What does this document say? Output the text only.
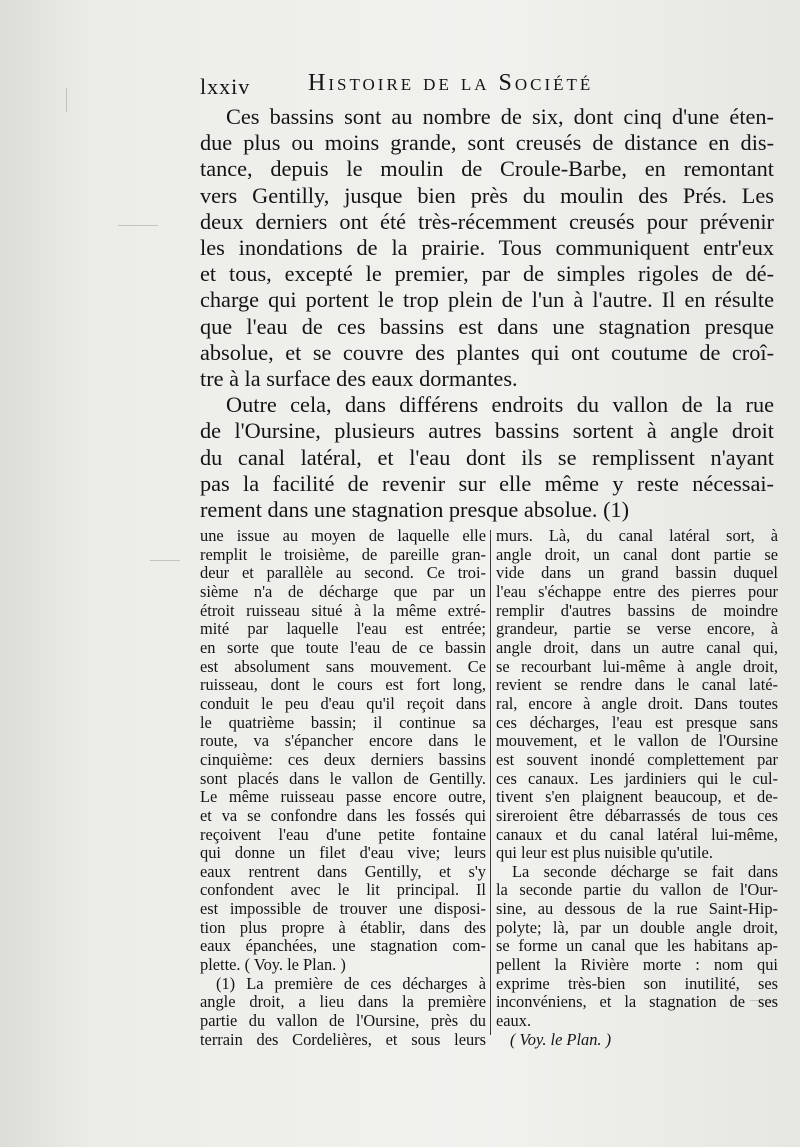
lxxiv Histoire de la Société
Ces bassins sont au nombre de six, dont cinq d'une éten-
due plus ou moins grande, sont creusés de distance en dis-
tance, depuis le moulin de Croule-Barbe, en remontant
vers Gentilly, jusque bien près du moulin des Prés. Les
deux derniers ont été très-récemment creusés pour prévenir
les inondations de la prairie. Tous communiquent entr'eux
et tous, excepté le premier, par de simples rigoles de dé-
charge qui portent le trop plein de l'un à l'autre. Il en résulte
que l'eau de ces bassins est dans une stagnation presque
absolue, et se couvre des plantes qui ont coutume de croî-
tre à la surface des eaux dormantes.
Outre cela, dans différens endroits du vallon de la rue
de l'Oursine, plusieurs autres bassins sortent à angle droit
du canal latéral, et l'eau dont ils se remplissent n'ayant
pas la facilité de revenir sur elle même y reste nécessai-
rement dans une stagnation presque absolue. (1)
une issue au moyen de laquelle elle
remplit le troisième, de pareille gran-
deur et parallèle au second. Ce troi-
sième n'a de décharge que par un
étroit ruisseau situé à la même extré-
mité par laquelle l'eau est entrée;
en sorte que toute l'eau de ce bassin
est absolument sans mouvement. Ce
ruisseau, dont le cours est fort long,
conduit le peu d'eau qu'il reçoit dans
le quatrième bassin; il continue sa
route, va s'épancher encore dans le
cinquième: ces deux derniers bassins
sont placés dans le vallon de Gentilly.
Le même ruisseau passe encore outre,
et va se confondre dans les fossés qui
reçoivent l'eau d'une petite fontaine
qui donne un filet d'eau vive; leurs
eaux rentrent dans Gentilly, et s'y
confondent avec le lit principal. Il
est impossible de trouver une disposi-
tion plus propre à établir, dans des
eaux épanchées, une stagnation com-
plette. ( Voy. le Plan. )
(1) La première de ces décharges à
angle droit, a lieu dans la première
partie du vallon de l'Oursine, près du
terrain des Cordelières, et sous leurs
murs. Là, du canal latéral sort, à
angle droit, un canal dont partie se
vide dans un grand bassin duquel
l'eau s'échappe entre des pierres pour
remplir d'autres bassins de moindre
grandeur, partie se verse encore, à
angle droit, dans un autre canal qui,
se recourbant lui-même à angle droit,
revient se rendre dans le canal laté-
ral, encore à angle droit. Dans toutes
ces décharges, l'eau est presque sans
mouvement, et le vallon de l'Oursine
est souvent inondé complettement par
ces canaux. Les jardiniers qui le cul-
tivent s'en plaignent beaucoup, et de-
sireroient être débarrassés de tous ces
canaux et du canal latéral lui-même,
qui leur est plus nuisible qu'utile.
La seconde décharge se fait dans
la seconde partie du vallon de l'Our-
sine, au dessous de la rue Saint-Hip-
polyte; là, par un double angle droit,
se forme un canal que les habitans ap-
pellent la Rivière morte : nom qui
exprime très-bien son inutilité, ses
inconvéniens, et la stagnation de ses
eaux.
( Voy. le Plan. )
